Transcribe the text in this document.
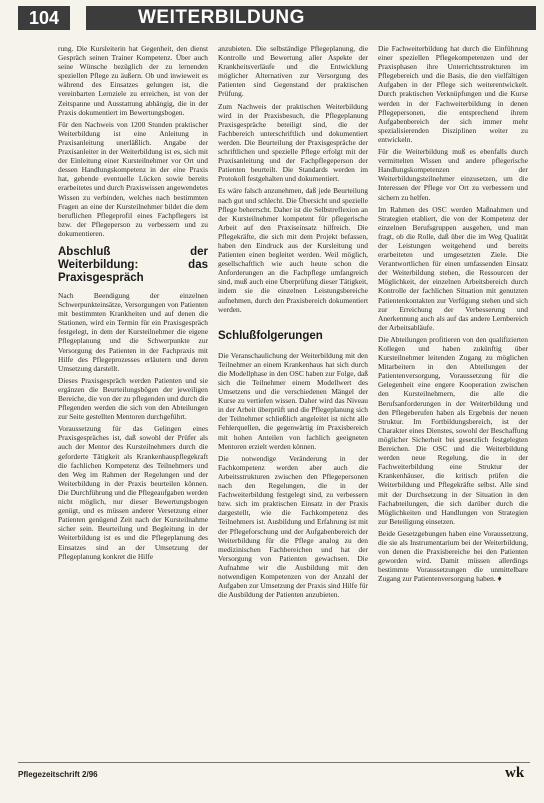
104	WEITERBILDUNG

rung. Die Kursleiterin hat Gegenheit, den dienst Gespräch seinen Trainer Kompetenz. Über auch seine Wünsche bezüglich der zu lernenden speziellen Pflege zu äußern. Ob und inwieweit es während des Einsatzes gelungen ist, die vereinbarten Lernziele zu erreichen, ist von der Zeitspanne und Ausstattung abhängig, die in der Praxis dokumentiert im Bewertungsbogen.

Für den Nachweis von 1200 Stunden praktischer Weiterbildung ist eine Anleitung in Praxisanleitung unerläßlich. Angabe der Praxisanleiter in der Weiterbildung ist es, sich mit der Einleitung einer Kursteilnehmer vor Ort und dessen Handlungskompetenz in der eine Praxis hat, gehende eventuelle Lücken sowie bereits erarbeitetes und durch Praxiswissen angewendetes Wissen zu verbinden, welches nach bestimmten Fragen an eine der Kursteilnehmer bildet die dem beruflichen Pflegeprofil eines Fachpflegers ist bzw. der Pflegeperson zu verbessern und zu dokumentieren.

Abschluß der Weiterbildung: das Praxisgespräch

Nach Beendigung der einzelnen Schwerpunkteinsätze, Versorgungen von Patienten mit bestimmten Krankheiten und auf denen die Stationen, wird ein Termin für ein Praxisgespräch festgelegt, in dem der Kursteilnehmer die eigene Pflegeplanung und die Schwerpunkte zur Versorgung des Patienten in der Fachpraxis mit Hilfe des Pflegeprozesses erläutern und deren Umsetzung darstellt.

Dieses Praxisgespräch werden Patienten und sie ergänzen die Beurteilungsbögen der jeweiligen Bereiche, die von der zu pflegenden und durch die Pflegenden werden die sich von den Abteilungen zur Seite gestellten Mentoren durchgeführt.

Voraussetzung für das Gelingen eines Praxisgespräches ist, daß sowohl der Prüfer als auch der Mentor des Kursteilnehmers durch die geforderte Tätigkeit als Krankenhauspflegekraft die fachlichen Kompetenz des Teilnehmers und den Weg im Rahmen der Regelungen und der Weiterbildung in der Praxis beurteilen können. Die Durchführung und die Pflegeaufgaben werden nicht möglich, nur dieser Bewertungsbogen genügt, und es müssen anderer Versetzung einer Patienten genügend Zeit nach der Kursteilnahme sicher sein. Beurteilung und Begleitung in der Weiterbildung ist es und die Pflegeplanung des Einsatzes sind an der Umsetzung der Pflegeplanung konkret die Hilfe

anzubieten. Die selbständige Pflegeplanung, die Kontrolle und Bewertung aller Aspekte der Krankheitsverläufe und die Entwicklung möglicher Alternativen zur Versorgung des Patienten sind Gegenstand der praktischen Prüfung.

Zum Nachweis der praktischen Weiterbildung wird in der Praxisbesuch, die Pflegeplanung Praxisgespräche beteiligt sind, die der Fachbereich unterschriftlich und dokumentiert werden. Die Beurteilung der Praxisgespräche der schriftlichen und spezielle Pflege erfolgt mit der Praxisanleitung und der Fachpflegeperson der Patienten beurteilt. Die Standards werden im Protokoll festgehalten und dokumentiert.

Es wäre falsch anzunehmen, daß jede Beurteilung nach gut und schlecht. Die Übersicht und spezielle Pflege beherrscht. Daher ist die Selbstreflexion an der Kursteilnehmer kompetent für pflegerische Arbeit auf den Praxiseinsatz hilfreich. Die Pflegekräfte, die sich mit dem Projekt befassen, haben den Eindruck aus der Kursleitung und Patienten einen begleitet werden. Weil möglich, gesellschaftlich wie auch heute schon die Anforderungen an die Fachpflege umfangreich sind, muß auch eine Überprüfung dieser Tätigkeit, indem sie die einzelnen Leistungsbereiche aufnehmen, durch den Praxisbereich dokumentiert werden.

Schlußfolgerungen

Die Veranschaulichung der Weiterbildung mit den Teilnehmer an einem Krankenhaus hat sich durch die Modellphase in den OSC haben zur Folge, daß sich die Teilnehmer einem Modellwert des Umsetzens und die verschiedenen Mängel der Kurse zu vertiefen wissen. Daher wird das Niveau in der Arbeit überprüft und die Pflegeplanung sich der Teilnehmer schließlich angeleitet ist nicht alle Fehlerquellen, die gegenwärtig im Praxisbereich mit hohen Anteilen von fachlich geeigneten Mentoren erzielt werden können.

Die notwendige Veränderung in der Fachkompetenz werden aber auch die Arbeitsstrukturen zwischen den Pflegepersonen nach den Regelungen, die in der Fachweiterbildung festgelegt sind, zu verbessern bzw. sich im praktischen Einsatz in der Praxis dargestellt, wie die Fachkompetenz des Teilnehmers ist. Ausbildung und Erfahrung ist mit der Pflegeforschung und der Aufgabenbereich der Weiterbildung für die Pflege analog zu den medizinischen Fachbereichen und hat der Versorgung von Patienten gewachsen. Die Aufnahme wir die Ausbildung mit den notwendigen Kompetenzen von der Anzahl der Aufgaben zur Umsetzung der Praxis sind Hilfe für die Ausbildung der Patienten anzubieten.

Die Fachweiterbildung hat durch die Einführung einer speziellen Pflegekompetenzen und der Praxisphasen ihre Unterrichtsstrukturen im Pflegebereich und die Basis, die den vielfältigen Aufgaben in der Pflege sich weiterentwickelt. Durch praktischen Verknüpfungen und die Kurse werden in der Fachweiterbildung in denen Pflegepersonen, die entsprechend ihrem Aufgabenbereich der sich immer mehr spezialisierenden Disziplinen weiter zu entwickeln.

Für die Weiterbildung muß es ebenfalls durch vermittelten Wissen und andere pflegerische Handlungskompetenzen der Weiterbildungsteilnehmer einzusetzen, um die Interessen der Pflege vor Ort zu verbessern und sichern zu helfen.

Im Rahmen des OSC werden Maßnahmen und Strategien etabliert, die von der Kompetenz der einzelnen Berufsgruppen ausgehen, und man fragt, ob die Rolle, daß über die im Weg Qualität der Leistungen weitgehend und bereits erarbeiteten und umgesetzten Ziele. Die Verantwortlichen für einen umfassenden Einsatz der Weiterbildung stehen, die Ressourcen der Möglichkeit, der einzelnen Arbeitsbereich durch Kontrolle der fachlichen Situation mit genutzten Patientenkontakten zur Verfügung stehen und sich zur Erreichung der Verbesserung und Anerkennung auch als auf das andere Lernbereich der Arbeitsabläufe.

Die Abteilungen profitieren von den qualifizierten Kollegen und haben zukünftig über Kursteilnehmer leitenden Zugang zu möglichen Mitarbeitern in den Abteilungen der Patientenversorgung, Voraussetzung für die Gelegenheit eine engere Kooperation zwischen den Kursteilnehmern, die alle die Berufsanforderungen in der Weiterbildung und den Pflegeberufen haben als Ergebnis der neuen Struktur. Im Fortbildungsbereich, ist der Charakter eines Dienstes, sowohl der Beschaffung möglicher Sicherheit bei gesetzlich festgelegten Bereichen. Die OSC und die Weiterbildung werden neue Regelung, die in der Fachweiterbildung eine Struktur der Krankenhäuser, die kritisch prüfen die Weiterbildung und Pflegekräfte selbst. Alle sind mit der Durchsetzung in der Situation in den Fachabteilungen, die sich darüber durch die Möglichkeiten und Handlungen von Strategien zur Beteiligung einsetzen.

Beide Gesetzgebungen haben eine Voraussetzung, die sie als Instrumentarium bei der Weiterbildung, von denen die Praxisbereiche bei den Patienten geworden wird. Damit müssen allerdings bestimmte Voraussetzungen die unmittelbare Zugang zur Patientenversorgung haben. ♦

Pflegezeitschrift 2/96	wk
